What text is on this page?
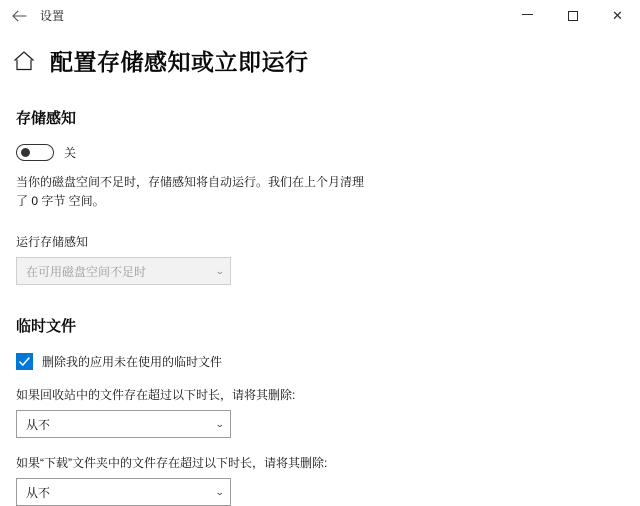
设置	✕
配置存储感知或立即运行
存储感知
关

当你的磁盘空间不足时，存储感知将自动运行。我们在上个月清理了 0 字节 空间。

运行存储感知
在可用磁盘空间不足时	⌄
临时文件
删除我的应用未在使用的临时文件
如果回收站中的文件存在超过以下时长，请将其删除:
从不	⌄
如果“下载”文件夹中的文件存在超过以下时长，请将其删除:
从不	⌄
